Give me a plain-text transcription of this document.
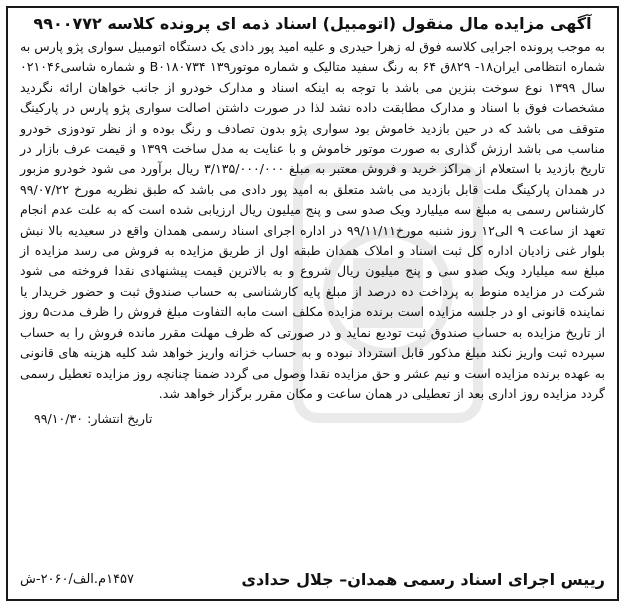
آگهی مزایده مال منقول (اتومبیل) اسناد ذمه ای پرونده کلاسه ۹۹۰۰۷۷۲

به موجب پرونده اجرایی کلاسه فوق له زهرا حیدری و علیه امید پور دادی یک دستگاه اتومبیل سواری پژو پارس به شماره انتظامی ایران۱۸- ۸۲۹ق ۶۴ به رنگ سفید متالیک و شماره موتور۱۳۹ B۰۱۸۰۷۳۴ و شماره شاسی۰۲۱۰۴۶ سال ۱۳۹۹ نوع سوخت بنزین می باشد با توجه به اینکه اسناد و مدارک خودرو از جانب خواهان ارائه نگردید مشخصات فوق با اسناد و مدارک مطابقت داده نشد لذا در صورت داشتن اصالت سواری پژو پارس در پارکینگ متوقف می باشد که در حین بازدید خاموش بود سواری پژو بدون تصادف و رنگ بوده و از نظر تودوزی خودرو مناسب می باشد ارزش گذاری به صورت موتور خاموش و با عنایت به مدل ساخت ۱۳۹۹ و قیمت عرف بازار در تاریخ بازدید با استعلام از مراکز خرید و فروش معتبر به مبلغ ۳/۱۳۵/۰۰۰/۰۰۰ ریال برآورد می شود خودرو مزبور در همدان پارکینگ ملت قابل بازدید می باشد متعلق به امید پور دادی می باشد که طبق نظریه مورخ ۹۹/۰۷/۲۲ کارشناس رسمی به مبلغ سه میلیارد ویک صدو سی و پنج میلیون ریال ارزیابی شده است که به علت عدم انجام تعهد از ساعت ۹ الی۱۲ روز شنبه مورخ۹۹/۱۱/۱۱ در اداره اجرای اسناد رسمی همدان واقع در سعیدیه بالا نبش بلوار غنی زادیان اداره کل ثبت اسناد و املاک همدان طبقه اول از طریق مزایده به فروش می رسد مزایده از مبلغ سه میلیارد ویک صدو سی و پنج میلیون ریال شروع و به بالاترین قیمت پیشنهادی نقدا فروخته می شود شرکت در مزایده منوط به پرداخت ده درصد از مبلغ پایه کارشناسی به حساب صندوق ثبت و حضور خریدار یا نماینده قانونی او در جلسه مزایده است برنده مزایده مکلف است مابه التفاوت مبلغ فروش را ظرف مدت۵ روز از تاریخ مزایده به حساب صندوق ثبت تودیع نماید و در صورتی که ظرف مهلت مقرر مانده فروش را به حساب سپرده ثبت واریز نکند مبلغ مذکور قابل استرداد نبوده و به حساب خزانه واریز خواهد شد کلیه هزینه های قانونی به عهده برنده مزایده است و نیم عشر و حق مزایده نقدا وصول می گردد ضمنا چنانچه روز مزایده تعطیل رسمی گردد مزایده روز اداری بعد از تعطیلی در همان ساعت و مکان مقرر برگزار خواهد شد.

تاریخ انتشار: ۹۹/۱۰/۳۰
رییس اجرای اسناد رسمی همدان– جلال حدادی
۱۴۵۷م.الف/۲۰۶۰-ش
